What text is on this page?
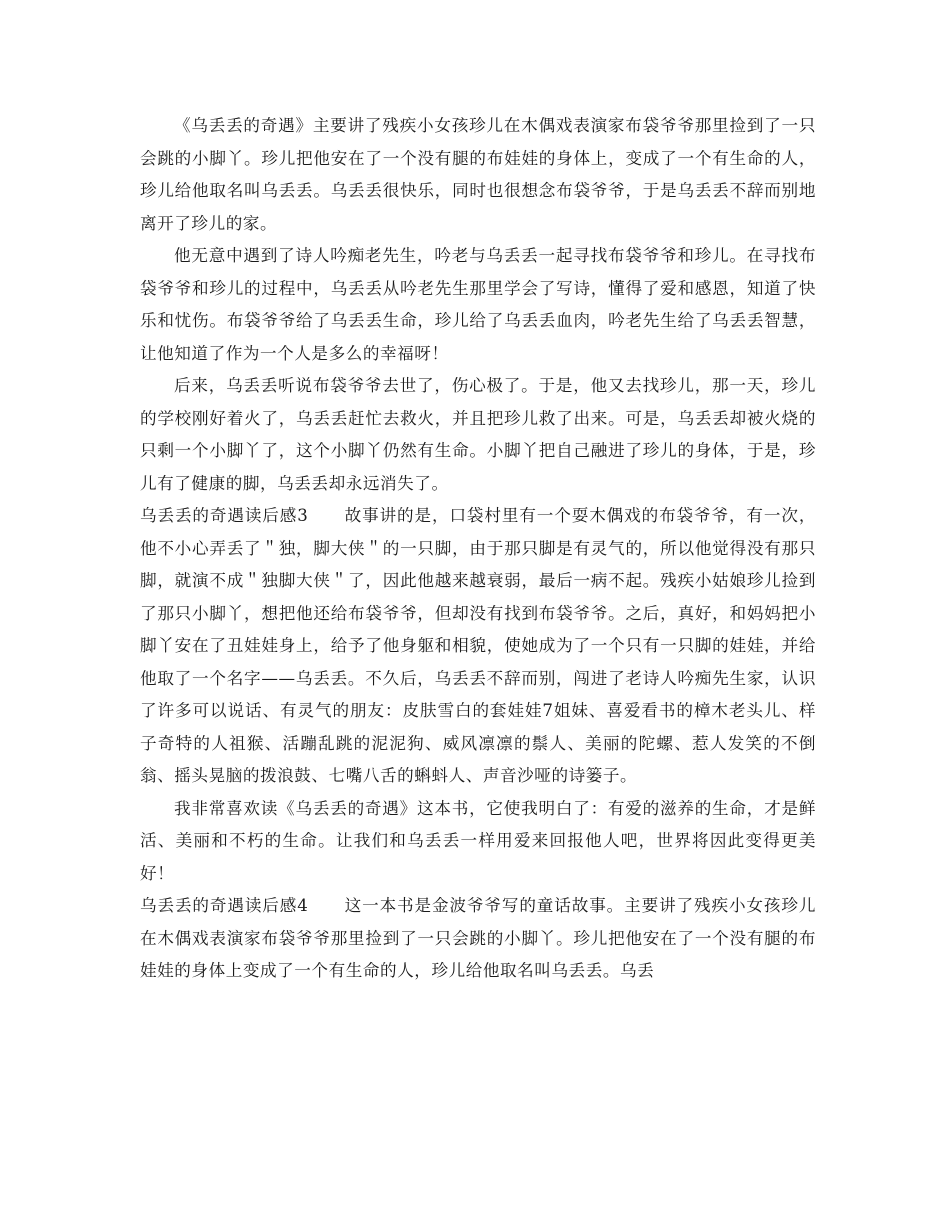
《乌丢丢的奇遇》主要讲了残疾小女孩珍儿在木偶戏表演家布袋爷爷那里捡到了一只会跳的小脚丫。珍儿把他安在了一个没有腿的布娃娃的身体上，变成了一个有生命的人，珍儿给他取名叫乌丢丢。乌丢丢很快乐，同时也很想念布袋爷爷，于是乌丢丢不辞而别地离开了珍儿的家。

他无意中遇到了诗人吟痴老先生，吟老与乌丢丢一起寻找布袋爷爷和珍儿。在寻找布袋爷爷和珍儿的过程中，乌丢丢从吟老先生那里学会了写诗，懂得了爱和感恩，知道了快乐和忧伤。布袋爷爷给了乌丢丢生命，珍儿给了乌丢丢血肉，吟老先生给了乌丢丢智慧，让他知道了作为一个人是多么的幸福呀！

后来，乌丢丢听说布袋爷爷去世了，伤心极了。于是，他又去找珍儿，那一天，珍儿的学校刚好着火了，乌丢丢赶忙去救火，并且把珍儿救了出来。可是，乌丢丢却被火烧的只剩一个小脚丫了，这个小脚丫仍然有生命。小脚丫把自己融进了珍儿的身体，于是，珍儿有了健康的脚，乌丢丢却永远消失了。

乌丢丢的奇遇读后感3 故事讲的是，口袋村里有一个耍木偶戏的布袋爷爷，有一次，他不小心弄丢了＂独，脚大侠＂的一只脚，由于那只脚是有灵气的，所以他觉得没有那只脚，就演不成＂独脚大侠＂了，因此他越来越衰弱，最后一病不起。残疾小姑娘珍儿捡到了那只小脚丫，想把他还给布袋爷爷，但却没有找到布袋爷爷。之后，真好，和妈妈把小脚丫安在了丑娃娃身上，给予了他身躯和相貌，使她成为了一个只有一只脚的娃娃，并给他取了一个名字——乌丢丢。不久后，乌丢丢不辞而别，闯进了老诗人吟痴先生家，认识了许多可以说话、有灵气的朋友：皮肤雪白的套娃娃7姐妹、喜爱看书的樟木老头儿、样子奇特的人祖猴、活蹦乱跳的泥泥狗、威风凛凛的鬃人、美丽的陀螺、惹人发笑的不倒翁、摇头晃脑的拨浪鼓、七嘴八舌的蝌蚪人、声音沙哑的诗篓子。

我非常喜欢读《乌丢丢的奇遇》这本书，它使我明白了：有爱的滋养的生命，才是鲜活、美丽和不朽的生命。让我们和乌丢丢一样用爱来回报他人吧，世界将因此变得更美好！

乌丢丢的奇遇读后感4 这一本书是金波爷爷写的童话故事。主要讲了残疾小女孩珍儿在木偶戏表演家布袋爷爷那里捡到了一只会跳的小脚丫。珍儿把他安在了一个没有腿的布娃娃的身体上变成了一个有生命的人，珍儿给他取名叫乌丢丢。乌丢
